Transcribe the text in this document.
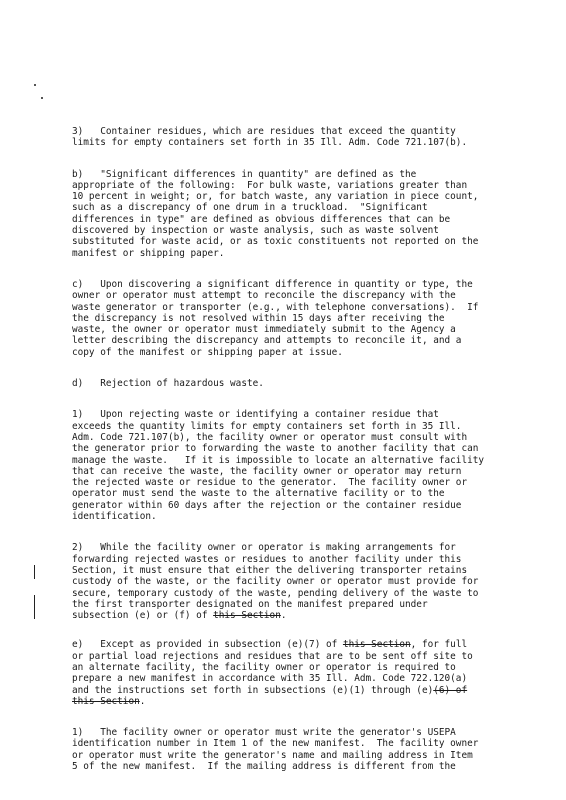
3)   Container residues, which are residues that exceed the quantity
limits for empty containers set forth in 35 Ill. Adm. Code 721.107(b).
b)   "Significant differences in quantity" are defined as the
appropriate of the following:  For bulk waste, variations greater than
10 percent in weight; or, for batch waste, any variation in piece count,
such as a discrepancy of one drum in a truckload.  "Significant
differences in type" are defined as obvious differences that can be
discovered by inspection or waste analysis, such as waste solvent
substituted for waste acid, or as toxic constituents not reported on the
manifest or shipping paper.
c)   Upon discovering a significant difference in quantity or type, the
owner or operator must attempt to reconcile the discrepancy with the
waste generator or transporter (e.g., with telephone conversations).  If
the discrepancy is not resolved within 15 days after receiving the
waste, the owner or operator must immediately submit to the Agency a
letter describing the discrepancy and attempts to reconcile it, and a
copy of the manifest or shipping paper at issue.
d)   Rejection of hazardous waste.
1)   Upon rejecting waste or identifying a container residue that
exceeds the quantity limits for empty containers set forth in 35 Ill.
Adm. Code 721.107(b), the facility owner or operator must consult with
the generator prior to forwarding the waste to another facility that can
manage the waste.   If it is impossible to locate an alternative facility
that can receive the waste, the facility owner or operator may return
the rejected waste or residue to the generator.  The facility owner or
operator must send the waste to the alternative facility or to the
generator within 60 days after the rejection or the container residue
identification.
2)   While the facility owner or operator is making arrangements for
forwarding rejected wastes or residues to another facility under this
Section, it must ensure that either the delivering transporter retains
custody of the waste, or the facility owner or operator must provide for
secure, temporary custody of the waste, pending delivery of the waste to
the first transporter designated on the manifest prepared under
subsection (e) or (f) of this Section.
e)   Except as provided in subsection (e)(7) of this Section, for full
or partial load rejections and residues that are to be sent off site to
an alternate facility, the facility owner or operator is required to
prepare a new manifest in accordance with 35 Ill. Adm. Code 722.120(a)
and the instructions set forth in subsections (e)(1) through (e)(6) of
this Section.
1)   The facility owner or operator must write the generator's USEPA
identification number in Item 1 of the new manifest.  The facility owner
or operator must write the generator's name and mailing address in Item
5 of the new manifest.  If the mailing address is different from the
